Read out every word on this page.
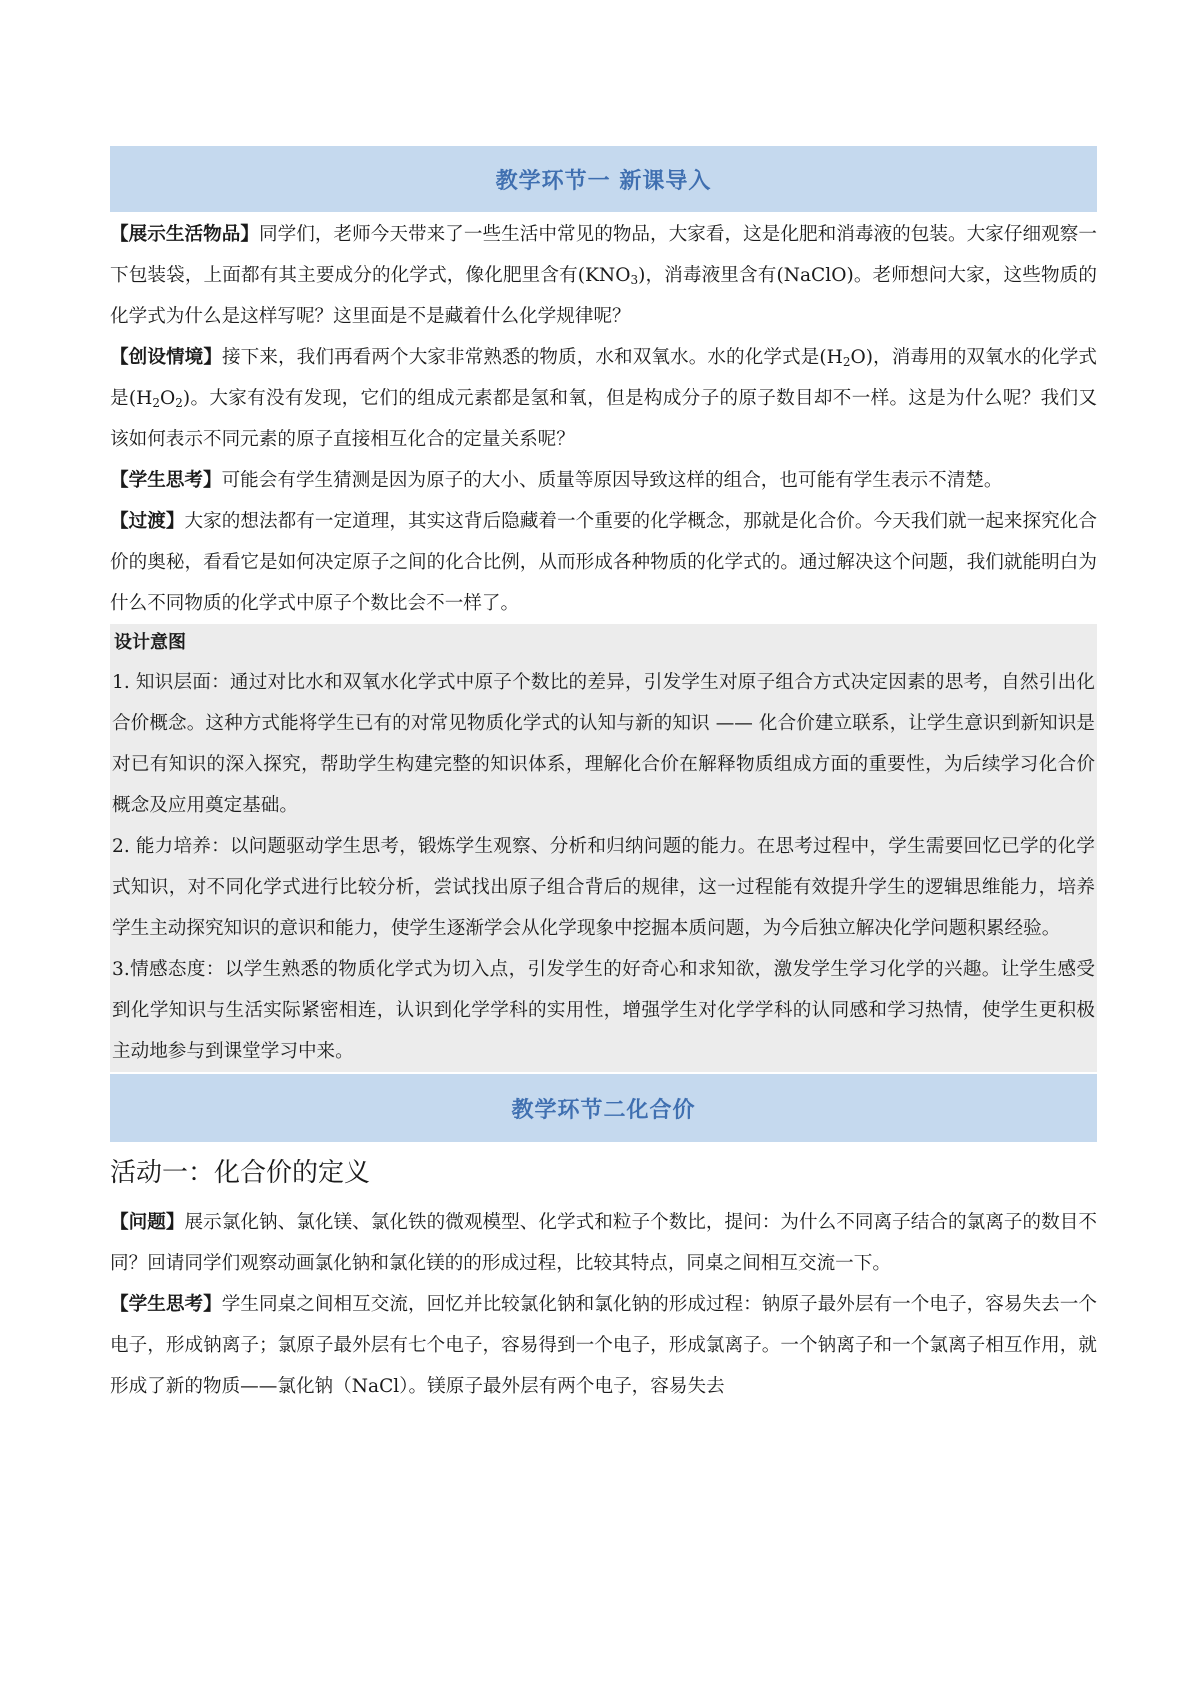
教学环节一 新课导入

【展示生活物品】同学们，老师今天带来了一些生活中常见的物品，大家看，这是化肥和消毒液的包装。大家仔细观察一下包装袋，上面都有其主要成分的化学式，像化肥里含有$(KNO_3)$，消毒液里含有(NaClO)。老师想问大家，这些物质的化学式为什么是这样写呢？这里面是不是藏着什么化学规律呢？

【创设情境】接下来，我们再看两个大家非常熟悉的物质，水和双氧水。水的化学式是$(H_2O)$，消毒用的双氧水的化学式是$(H_2O_2)$。大家有没有发现，它们的组成元素都是氢和氧，但是构成分子的原子数目却不一样。这是为什么呢？我们又该如何表示不同元素的原子直接相互化合的定量关系呢？

【学生思考】可能会有学生猜测是因为原子的大小、质量等原因导致这样的组合，也可能有学生表示不清楚。

【过渡】大家的想法都有一定道理，其实这背后隐藏着一个重要的化学概念，那就是化合价。今天我们就一起来探究化合价的奥秘，看看它是如何决定原子之间的化合比例，从而形成各种物质的化学式的。通过解决这个问题，我们就能明白为什么不同物质的化学式中原子个数比会不一样了。

设计意图

1. 知识层面：通过对比水和双氧水化学式中原子个数比的差异，引发学生对原子组合方式决定因素的思考，自然引出化合价概念。这种方式能将学生已有的对常见物质化学式的认知与新的知识 —— 化合价建立联系，让学生意识到新知识是对已有知识的深入探究，帮助学生构建完整的知识体系，理解化合价在解释物质组成方面的重要性，为后续学习化合价概念及应用奠定基础。

2. 能力培养：以问题驱动学生思考，锻炼学生观察、分析和归纳问题的能力。在思考过程中，学生需要回忆已学的化学式知识，对不同化学式进行比较分析，尝试找出原子组合背后的规律，这一过程能有效提升学生的逻辑思维能力，培养学生主动探究知识的意识和能力，使学生逐渐学会从化学现象中挖掘本质问题，为今后独立解决化学问题积累经验。

3.情感态度：以学生熟悉的物质化学式为切入点，引发学生的好奇心和求知欲，激发学生学习化学的兴趣。让学生感受到化学知识与生活实际紧密相连，认识到化学学科的实用性，增强学生对化学学科的认同感和学习热情，使学生更积极主动地参与到课堂学习中来。

教学环节二化合价
活动一：化合价的定义

【问题】展示氯化钠、氯化镁、氯化铁的微观模型、化学式和粒子个数比，提问：为什么不同离子结合的氯离子的数目不同？回请同学们观察动画氯化钠和氯化镁的的形成过程，比较其特点，同桌之间相互交流一下。

【学生思考】学生同桌之间相互交流，回忆并比较氯化钠和氯化钠的形成过程：钠原子最外层有一个电子，容易失去一个电子，形成钠离子；氯原子最外层有七个电子，容易得到一个电子，形成氯离子。一个钠离子和一个氯离子相互作用，就形成了新的物质——氯化钠（NaCl）。镁原子最外层有两个电子，容易失去
